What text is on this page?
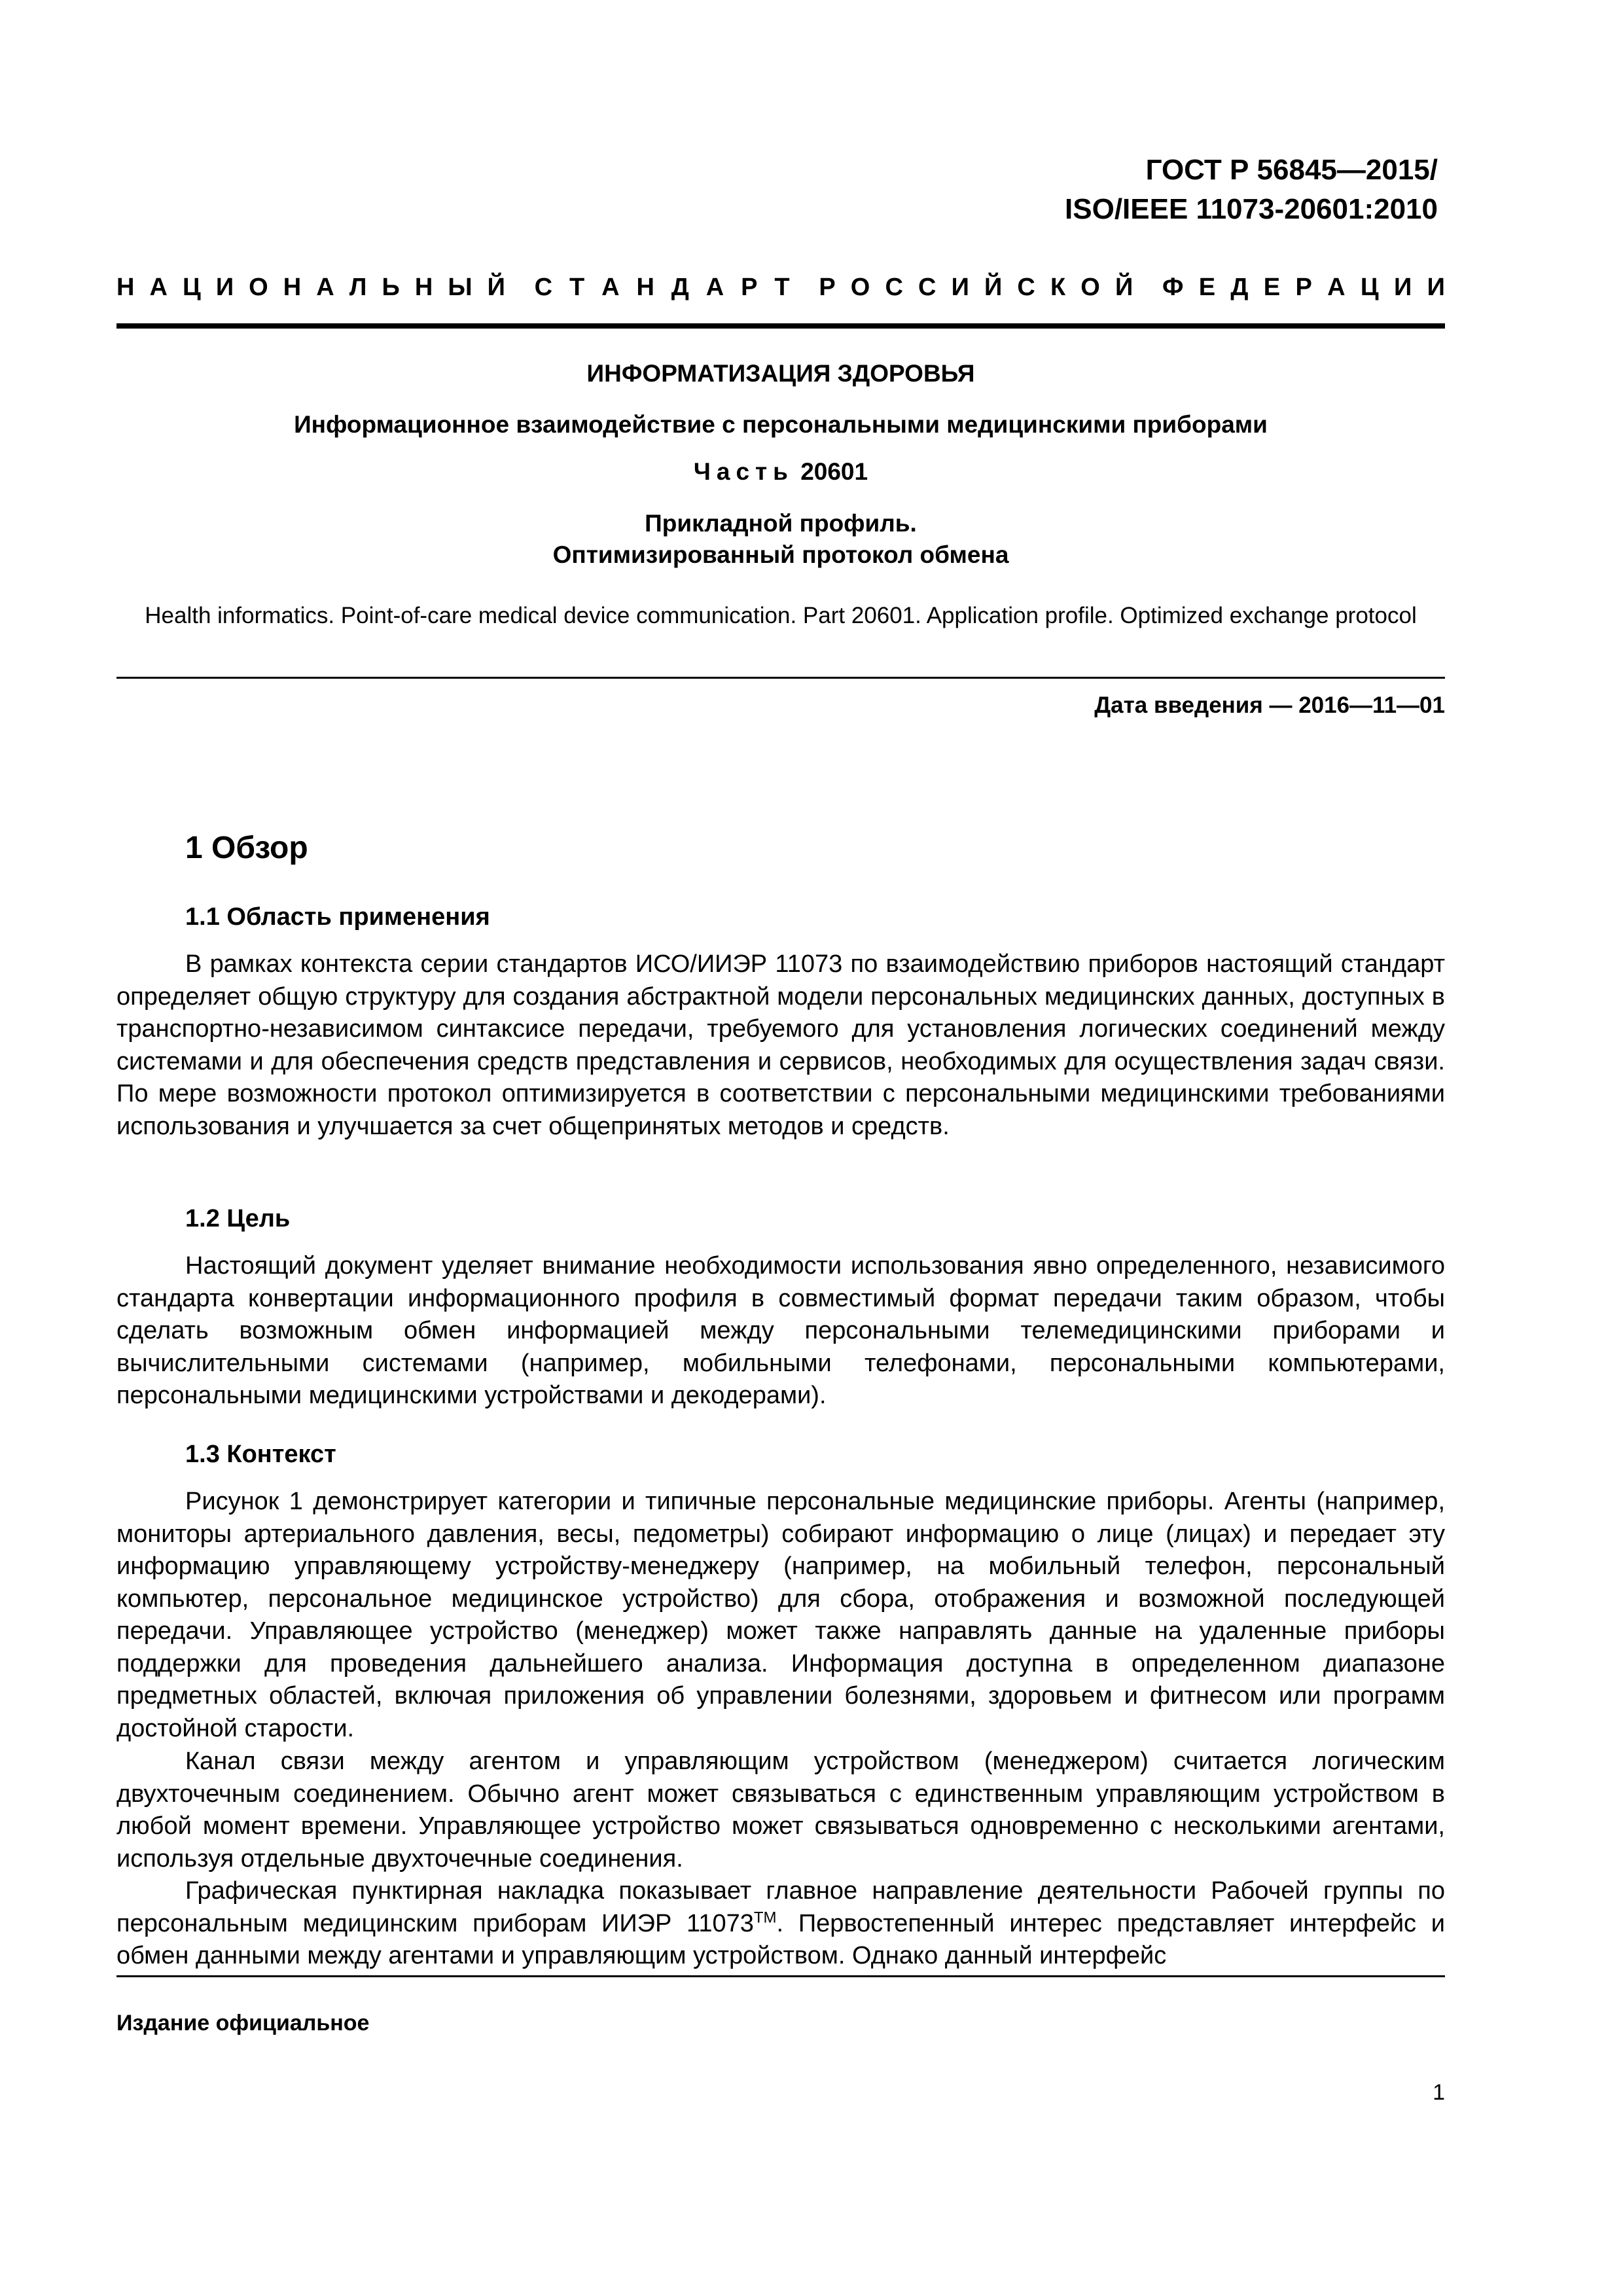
ГОСТ Р 56845—2015/
ISO/IEEE 11073-20601:2010
Н А Ц И О Н А Л Ь Н Ы Й С Т А Н Д А Р Т Р О С С И Й С К О Й Ф Е Д Е Р А Ц И И
ИНФОРМАТИЗАЦИЯ ЗДОРОВЬЯ
Информационное взаимодействие с персональными медицинскими приборами
Часть 20601
Прикладной профиль.
Оптимизированный протокол обмена
Health informatics. Point-of-care medical device communication. Part 20601. Application profile. Optimized exchange protocol
Дата введения — 2016—11—01
1 Обзор
1.1 Область применения
В рамках контекста серии стандартов ИСО/ИИЭР 11073 по взаимодействию приборов настоящий стандарт определяет общую структуру для создания абстрактной модели персональных медицинских данных, доступных в транспортно-независимом синтаксисе передачи, требуемого для установления логических соединений между системами и для обеспечения средств представления и сервисов, необходимых для осуществления задач связи. По мере возможности протокол оптимизируется в соответствии с персональными медицинскими требованиями использования и улучшается за счет общепринятых методов и средств.
1.2 Цель
Настоящий документ уделяет внимание необходимости использования явно определенного, независимого стандарта конвертации информационного профиля в совместимый формат передачи таким образом, чтобы сделать возможным обмен информацией между персональными телемедицинскими приборами и вычислительными системами (например, мобильными телефонами, персональными компьютерами, персональными медицинскими устройствами и декодерами).
1.3 Контекст
Рисунок 1 демонстрирует категории и типичные персональные медицинские приборы. Агенты (например, мониторы артериального давления, весы, педометры) собирают информацию о лице (лицах) и передает эту информацию управляющему устройству-менеджеру (например, на мобильный телефон, персональный компьютер, персональное медицинское устройство) для сбора, отображения и возможной последующей передачи. Управляющее устройство (менеджер) может также направлять данные на удаленные приборы поддержки для проведения дальнейшего анализа. Информация доступна в определенном диапазоне предметных областей, включая приложения об управлении болезнями, здоровьем и фитнесом или программ достойной старости.
Канал связи между агентом и управляющим устройством (менеджером) считается логическим двухточечным соединением. Обычно агент может связываться с единственным управляющим устройством в любой момент времени. Управляющее устройство может связываться одновременно с несколькими агентами, используя отдельные двухточечные соединения.
Графическая пунктирная накладка показывает главное направление деятельности Рабочей группы по персональным медицинским приборам ИИЭР 11073™. Первостепенный интерес представляет интерфейс и обмен данными между агентами и управляющим устройством. Однако данный интерфейс
Издание официальное
1
